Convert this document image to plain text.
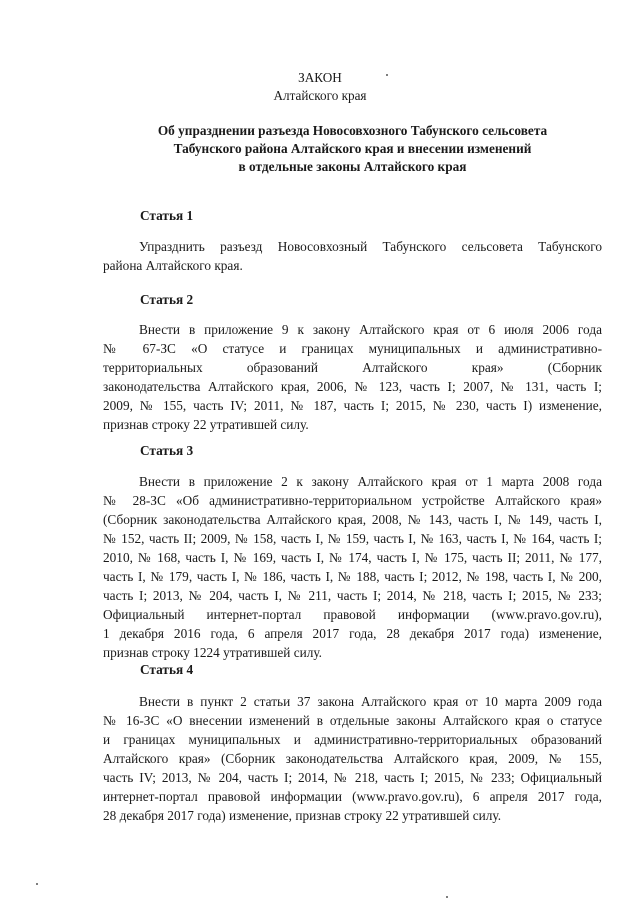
ЗАКОН
Алтайского края
Об упразднении разъезда Новосовхозного Табунского сельсовета
Табунского района Алтайского края и внесении изменений
в отдельные законы Алтайского края
Статья 1
Упразднить разъезд Новосовхозный Табунского сельсовета Табунского
района Алтайского края.
Статья 2
Внести в приложение 9 к закону Алтайского края от 6 июля 2006 года
№ 67-ЗС «О статусе и границах муниципальных и административно-
территориальных образований Алтайского края» (Сборник
законодательства Алтайского края, 2006, № 123, часть I; 2007, № 131, часть I;
2009, № 155, часть IV; 2011, № 187, часть I; 2015, № 230, часть I) изменение,
признав строку 22 утратившей силу.
Статья 3
Внести в приложение 2 к закону Алтайского края от 1 марта 2008 года
№ 28-ЗС «Об административно-территориальном устройстве Алтайского края»
(Сборник законодательства Алтайского края, 2008, № 143, часть I, № 149, часть I,
№ 152, часть II; 2009, № 158, часть I, № 159, часть I, № 163, часть I, № 164, часть I;
2010, № 168, часть I, № 169, часть I, № 174, часть I, № 175, часть II; 2011, № 177,
часть I, № 179, часть I, № 186, часть I, № 188, часть I; 2012, № 198, часть I, № 200,
часть I; 2013, № 204, часть I, № 211, часть I; 2014, № 218, часть I; 2015, № 233;
Официальный интернет-портал правовой информации (www.pravo.gov.ru),
1 декабря 2016 года, 6 апреля 2017 года, 28 декабря 2017 года) изменение,
признав строку 1224 утратившей силу.
Статья 4
Внести в пункт 2 статьи 37 закона Алтайского края от 10 марта 2009 года
№ 16-ЗС «О внесении изменений в отдельные законы Алтайского края о статусе
и границах муниципальных и административно-территориальных образований
Алтайского края» (Сборник законодательства Алтайского края, 2009, № 155,
часть IV; 2013, № 204, часть I; 2014, № 218, часть I; 2015, № 233; Официальный
интернет-портал правовой информации (www.pravo.gov.ru), 6 апреля 2017 года,
28 декабря 2017 года) изменение, признав строку 22 утратившей силу.
